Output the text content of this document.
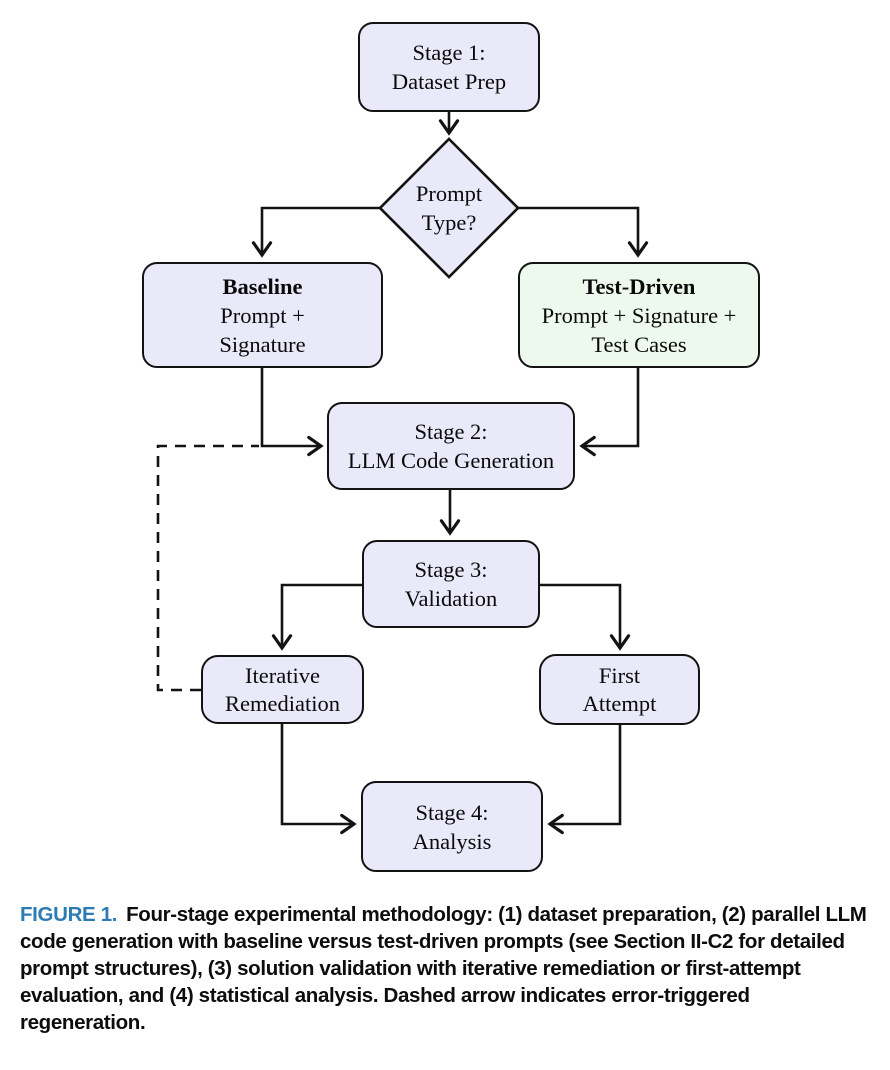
Stage 1:
Dataset Prep
Prompt
Type?
Baseline
Prompt +
Signature
Test-Driven
Prompt + Signature +
Test Cases
Stage 2:
LLM Code Generation
Stage 3:
Validation
Iterative
Remediation
First
Attempt
Stage 4:
Analysis

FIGURE 1. Four-stage experimental methodology: (1) dataset preparation, (2) parallel LLM code generation with baseline versus test-driven prompts (see Section II-C2 for detailed prompt structures), (3) solution validation with iterative remediation or first-attempt evaluation, and (4) statistical analysis. Dashed arrow indicates error-triggered regeneration.
